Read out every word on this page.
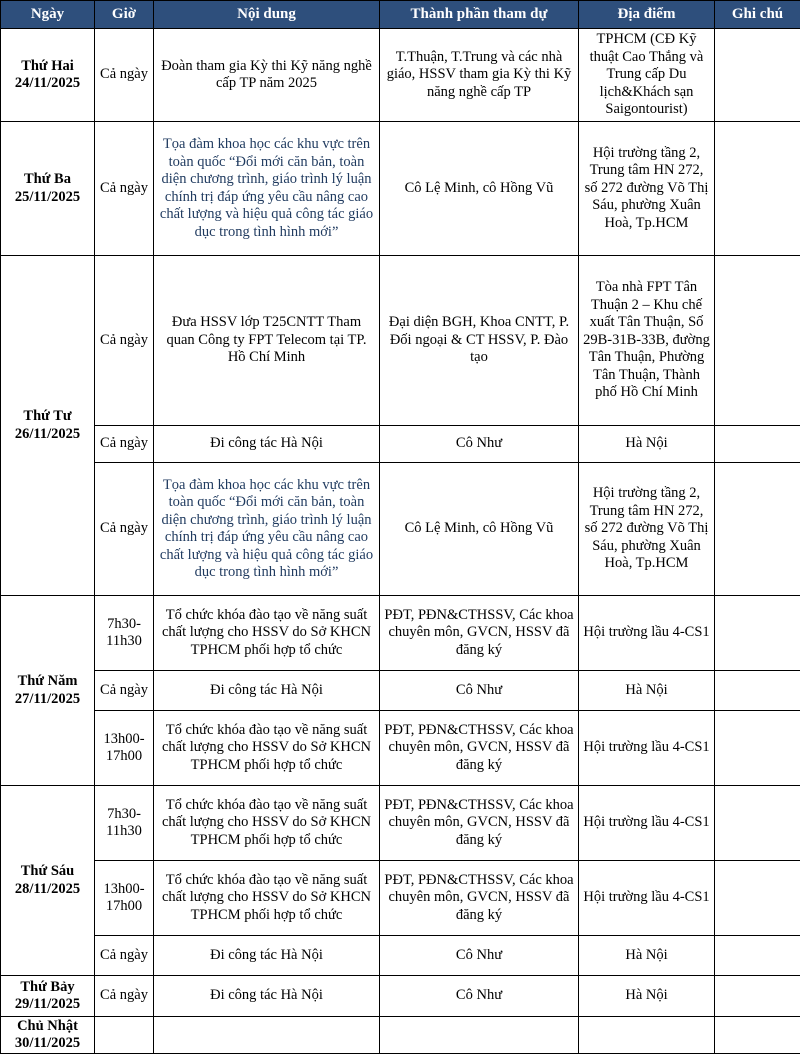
Ngày	Giờ	Nội dung	Thành phần tham dự	Địa điểm	Ghi chú

Thứ Hai
24/11/2025	Cả ngày	Đoàn tham gia Kỳ thi Kỹ năng nghề cấp TP năm 2025	T.Thuận, T.Trung và các nhà giáo, HSSV tham gia Kỳ thi Kỹ năng nghề cấp TP	TPHCM (CĐ Kỹ thuật Cao Thắng và Trung cấp Du lịch&Khách sạn Saigontourist)	

Thứ Ba
25/11/2025	Cả ngày	Tọa đàm khoa học các khu vực trên toàn quốc “Đổi mới căn bản, toàn diện chương trình, giáo trình lý luận chính trị đáp ứng yêu cầu nâng cao chất lượng và hiệu quả công tác giáo dục trong tình hình mới”	Cô Lệ Minh, cô Hồng Vũ	Hội trường tầng 2, Trung tâm HN 272, số 272 đường Võ Thị Sáu, phường Xuân Hoà, Tp.HCM	

Thứ Tư
26/11/2025	Cả ngày	Đưa HSSV lớp T25CNTT Tham quan Công ty FPT Telecom tại TP. Hồ Chí Minh	Đại diện BGH, Khoa CNTT, P. Đối ngoại & CT HSSV, P. Đào tạo	Tòa nhà FPT Tân Thuận 2 – Khu chế xuất Tân Thuận, Số 29B-31B-33B, đường Tân Thuận, Phường Tân Thuận, Thành phố Hồ Chí Minh	
	Cả ngày	Đi công tác Hà Nội	Cô Như	Hà Nội	
	Cả ngày	Tọa đàm khoa học các khu vực trên toàn quốc “Đổi mới căn bản, toàn diện chương trình, giáo trình lý luận chính trị đáp ứng yêu cầu nâng cao chất lượng và hiệu quả công tác giáo dục trong tình hình mới”	Cô Lệ Minh, cô Hồng Vũ	Hội trường tầng 2, Trung tâm HN 272, số 272 đường Võ Thị Sáu, phường Xuân Hoà, Tp.HCM	

Thứ Năm
27/11/2025	7h30-11h30	Tổ chức khóa đào tạo về năng suất chất lượng cho HSSV do Sở KHCN TPHCM phối hợp tổ chức	PĐT, PĐN&CTHSSV, Các khoa chuyên môn, GVCN, HSSV đã đăng ký	Hội trường lầu 4-CS1	
	Cả ngày	Đi công tác Hà Nội	Cô Như	Hà Nội	
	13h00-17h00	Tổ chức khóa đào tạo về năng suất chất lượng cho HSSV do Sở KHCN TPHCM phối hợp tổ chức	PĐT, PĐN&CTHSSV, Các khoa chuyên môn, GVCN, HSSV đã đăng ký	Hội trường lầu 4-CS1	

Thứ Sáu
28/11/2025	7h30-11h30	Tổ chức khóa đào tạo về năng suất chất lượng cho HSSV do Sở KHCN TPHCM phối hợp tổ chức	PĐT, PĐN&CTHSSV, Các khoa chuyên môn, GVCN, HSSV đã đăng ký	Hội trường lầu 4-CS1	
	13h00-17h00	Tổ chức khóa đào tạo về năng suất chất lượng cho HSSV do Sở KHCN TPHCM phối hợp tổ chức	PĐT, PĐN&CTHSSV, Các khoa chuyên môn, GVCN, HSSV đã đăng ký	Hội trường lầu 4-CS1	
	Cả ngày	Đi công tác Hà Nội	Cô Như	Hà Nội	

Thứ Bảy
29/11/2025	Cả ngày	Đi công tác Hà Nội	Cô Như	Hà Nội	

Chủ Nhật
30/11/2025					
